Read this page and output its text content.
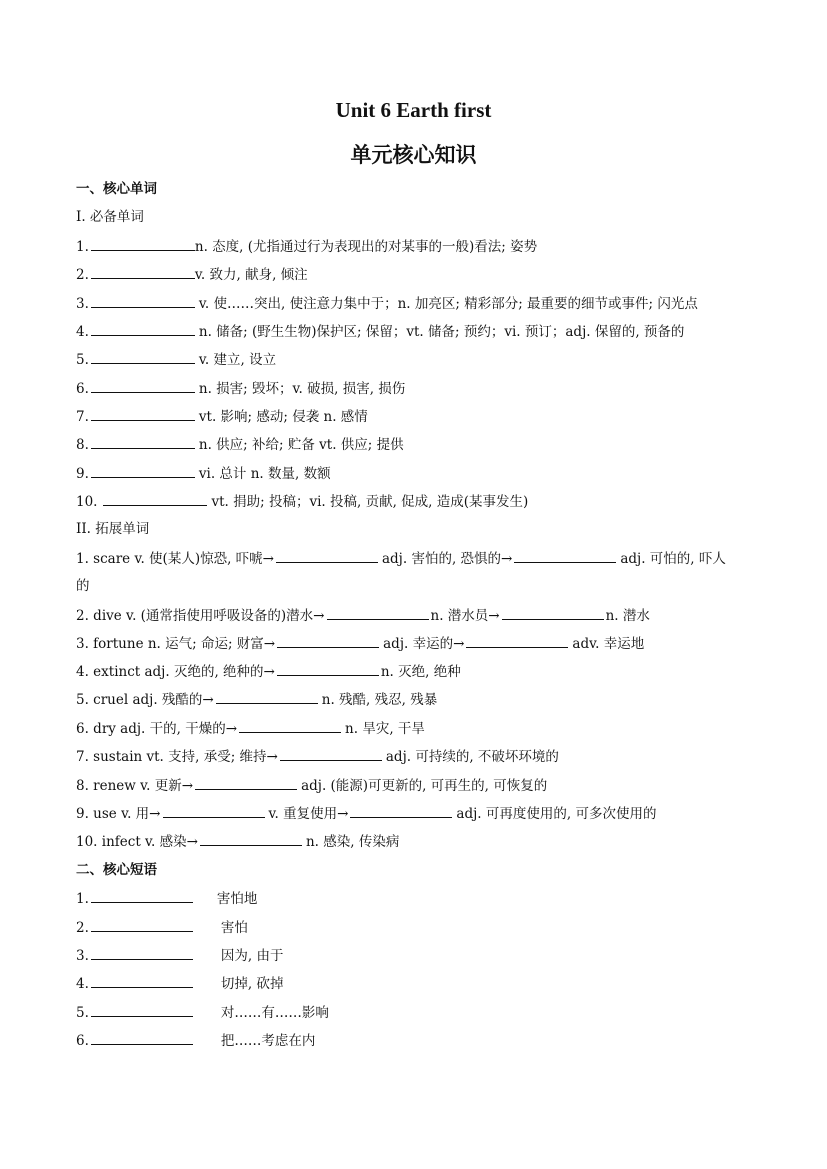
Unit 6 Earth first
单元核心知识
一、核心单词
I. 必备单词
1.	n. 态度, (尤指通过行为表现出的对某事的一般)看法; 姿势
2.	v. 致力, 献身, 倾注
3.	v. 使……突出, 使注意力集中于；n. 加亮区; 精彩部分; 最重要的细节或事件; 闪光点
4.	n. 储备; (野生生物)保护区; 保留；vt. 储备; 预约；vi. 预订；adj. 保留的, 预备的
5.	v. 建立, 设立
6.	n. 损害; 毁坏；v. 破损, 损害, 损伤
7.	vt. 影响; 感动; 侵袭 n. 感情
8.	n. 供应; 补给; 贮备 vt. 供应; 提供
9.	vi. 总计 n. 数量, 数额
10.	vt. 捐助; 投稿；vi. 投稿, 贡献, 促成, 造成(某事发生)
II. 拓展单词
1. scare v. 使(某人)惊恐, 吓唬→	adj. 害怕的, 恐惧的→	adj. 可怕的, 吓人
的
2. dive v. (通常指使用呼吸设备的)潜水→	n. 潜水员→	n. 潜水
3. fortune n. 运气; 命运; 财富→	adj. 幸运的→	adv. 幸运地
4. extinct adj. 灭绝的, 绝种的→	n. 灭绝, 绝种
5. cruel adj. 残酷的→	n. 残酷, 残忍, 残暴
6. dry adj. 干的, 干燥的→	n. 旱灾, 干旱
7. sustain vt. 支持, 承受; 维持→	adj. 可持续的, 不破坏环境的
8. renew v. 更新→	adj. (能源)可更新的, 可再生的, 可恢复的
9. use v. 用→	v. 重复使用→	adj. 可再度使用的, 可多次使用的
10. infect v. 感染→	n. 感染, 传染病
二、核心短语
1.	害怕地
2.	害怕
3.	因为, 由于
4.	切掉, 砍掉
5.	对……有……影响
6.	把……考虑在内
